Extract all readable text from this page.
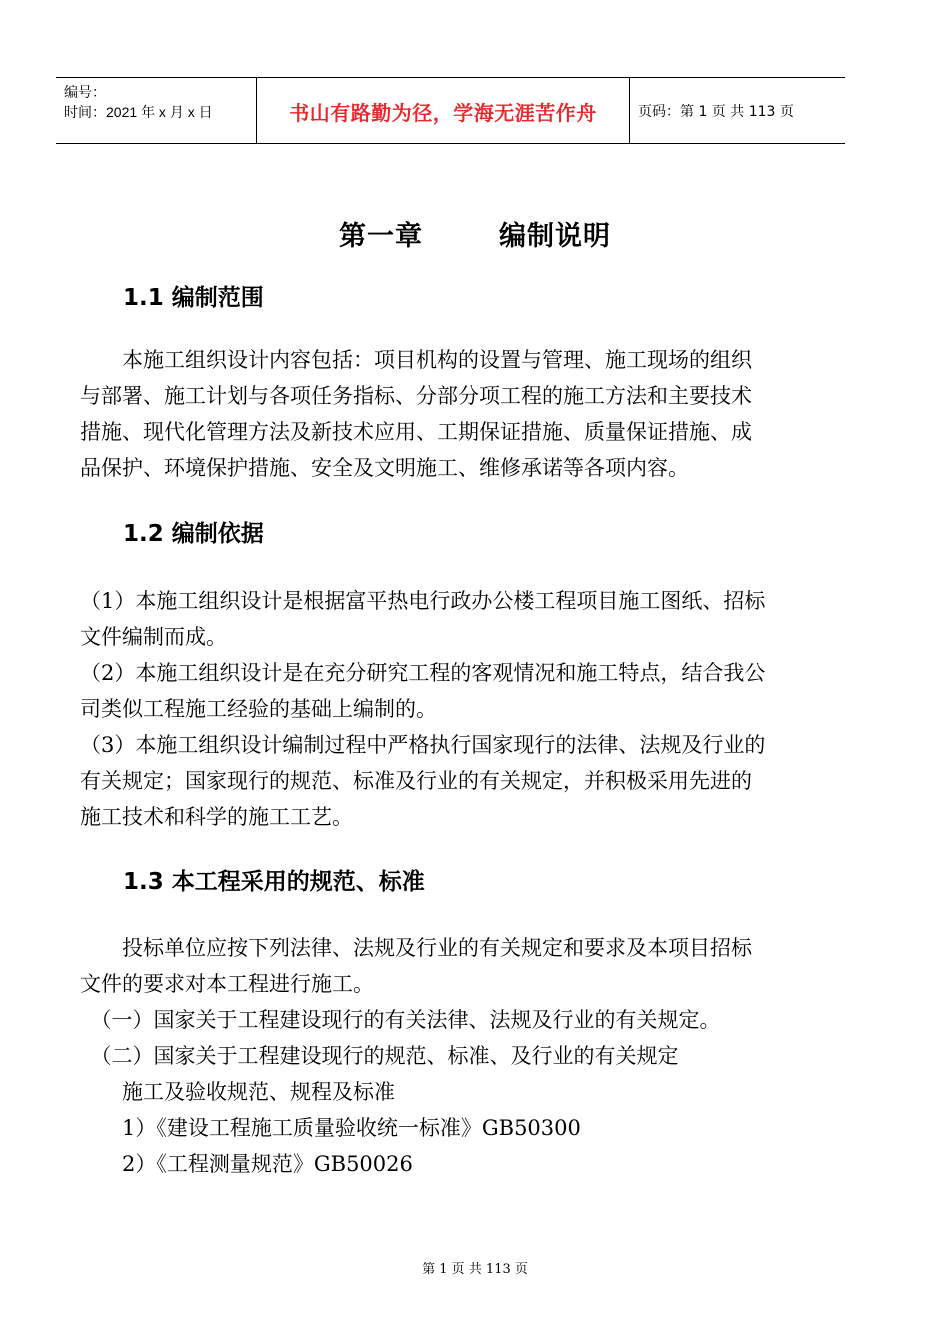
编号：
时间：2021 年 x 月 x 日	书山有路勤为径，学海无涯苦作舟	页码：第 1 页 共 113 页
第一章	编制说明
1.1 编制范围
　　本施工组织设计内容包括：项目机构的设置与管理、施工现场的组织
与部署、施工计划与各项任务指标、分部分项工程的施工方法和主要技术
措施、现代化管理方法及新技术应用、工期保证措施、质量保证措施、成
品保护、环境保护措施、安全及文明施工、维修承诺等各项内容。
1.2 编制依据
（1）本施工组织设计是根据富平热电行政办公楼工程项目施工图纸、招标
文件编制而成。
（2）本施工组织设计是在充分研究工程的客观情况和施工特点，结合我公
司类似工程施工经验的基础上编制的。
（3）本施工组织设计编制过程中严格执行国家现行的法律、法规及行业的
有关规定；国家现行的规范、标准及行业的有关规定，并积极采用先进的
施工技术和科学的施工工艺。
1.3 本工程采用的规范、标准
　　投标单位应按下列法律、法规及行业的有关规定和要求及本项目招标
文件的要求对本工程进行施工。
　（一）国家关于工程建设现行的有关法律、法规及行业的有关规定。
　（二）国家关于工程建设现行的规范、标准、及行业的有关规定
　　施工及验收规范、规程及标准
　　1）《建设工程施工质量验收统一标准》GB50300
　　2）《工程测量规范》GB50026
第 1 页 共 113 页
